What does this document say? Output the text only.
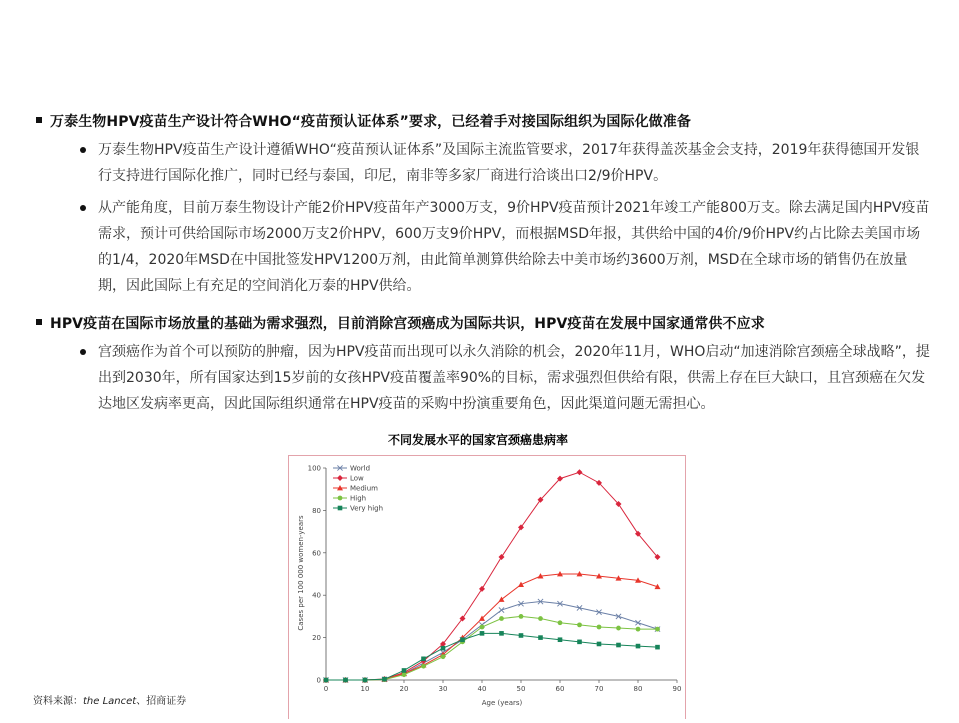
万泰生物HPV疫苗生产设计符合WHO“疫苗预认证体系”要求，已经着手对接国际组织为国际化做准备
万泰生物HPV疫苗生产设计遵循WHO“疫苗预认证体系”及国际主流监管要求，2017年获得盖茨基金会支持，2019年获得德国开发银行支持进行国际化推广，同时已经与泰国，印尼，南非等多家厂商进行洽谈出口2/9价HPV。
从产能角度，目前万泰生物设计产能2价HPV疫苗年产3000万支，9价HPV疫苗预计2021年竣工产能800万支。除去满足国内HPV疫苗需求，预计可供给国际市场2000万支2价HPV，600万支9价HPV，而根据MSD年报，其供给中国的4价/9价HPV约占比除去美国市场的1/4，2020年MSD在中国批签发HPV1200万剂，由此简单测算供给除去中美市场约3600万剂，MSD在全球市场的销售仍在放量期，因此国际上有充足的空间消化万泰的HPV供给。
HPV疫苗在国际市场放量的基础为需求强烈，目前消除宫颈癌成为国际共识，HPV疫苗在发展中国家通常供不应求
宫颈癌作为首个可以预防的肿瘤，因为HPV疫苗而出现可以永久消除的机会，2020年11月，WHO启动“加速消除宫颈癌全球战略”，提出到2030年，所有国家达到15岁前的女孩HPV疫苗覆盖率90%的目标，需求强烈但供给有限，供需上存在巨大缺口，且宫颈癌在欠发达地区发病率更高，因此国际组织通常在HPV疫苗的采购中扮演重要角色，因此渠道问题无需担心。
不同发展水平的国家宫颈癌患病率
0	10	20	30	40	50	60	70	80	90
0
20
40
60
80
100	World
Low
Medium
High
Very high
Age (years)
Cases per 100 000 women-years
资料来源：the Lancet、招商证券
